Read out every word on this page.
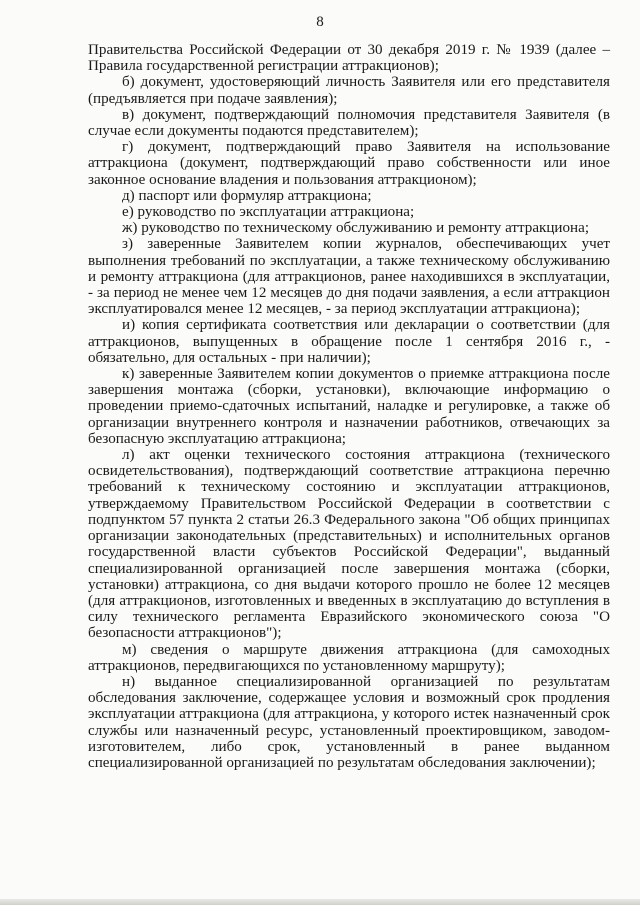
8

Правительства Российской Федерации от 30 декабря 2019 г. № 1939 (далее – Правила государственной регистрации аттракционов);

б) документ, удостоверяющий личность Заявителя или его представителя (предъявляется при подаче заявления);

в) документ, подтверждающий полномочия представителя Заявителя (в случае если документы подаются представителем);

г) документ, подтверждающий право Заявителя на использование аттракциона (документ, подтверждающий право собственности или иное законное основание владения и пользования аттракционом);

д) паспорт или формуляр аттракциона;

е) руководство по эксплуатации аттракциона;

ж) руководство по техническому обслуживанию и ремонту аттракциона;

з) заверенные Заявителем копии журналов, обеспечивающих учет выполнения требований по эксплуатации, а также техническому обслуживанию и ремонту аттракциона (для аттракционов, ранее находившихся в эксплуатации, - за период не менее чем 12 месяцев до дня подачи заявления, а если аттракцион эксплуатировался менее 12 месяцев, - за период эксплуатации аттракциона);

и) копия сертификата соответствия или декларации о соответствии (для аттракционов, выпущенных в обращение после 1 сентября 2016 г., - обязательно, для остальных - при наличии);

к) заверенные Заявителем копии документов о приемке аттракциона после завершения монтажа (сборки, установки), включающие информацию о проведении приемо-сдаточных испытаний, наладке и регулировке, а также об организации внутреннего контроля и назначении работников, отвечающих за безопасную эксплуатацию аттракциона;

л) акт оценки технического состояния аттракциона (технического освидетельствования), подтверждающий соответствие аттракциона перечню требований к техническому состоянию и эксплуатации аттракционов, утверждаемому Правительством Российской Федерации в соответствии с подпунктом 57 пункта 2 статьи 26.3 Федерального закона "Об общих принципах организации законодательных (представительных) и исполнительных органов государственной власти субъектов Российской Федерации", выданный специализированной организацией после завершения монтажа (сборки, установки) аттракциона, со дня выдачи которого прошло не более 12 месяцев (для аттракционов, изготовленных и введенных в эксплуатацию до вступления в силу технического регламента Евразийского экономического союза "О безопасности аттракционов");

м) сведения о маршруте движения аттракциона (для самоходных аттракционов, передвигающихся по установленному маршруту);

н) выданное специализированной организацией по результатам обследования заключение, содержащее условия и возможный срок продления эксплуатации аттракциона (для аттракциона, у которого истек назначенный срок службы или назначенный ресурс, установленный проектировщиком, заводом-изготовителем, либо срок, установленный в ранее выданном специализированной организацией по результатам обследования заключении);
